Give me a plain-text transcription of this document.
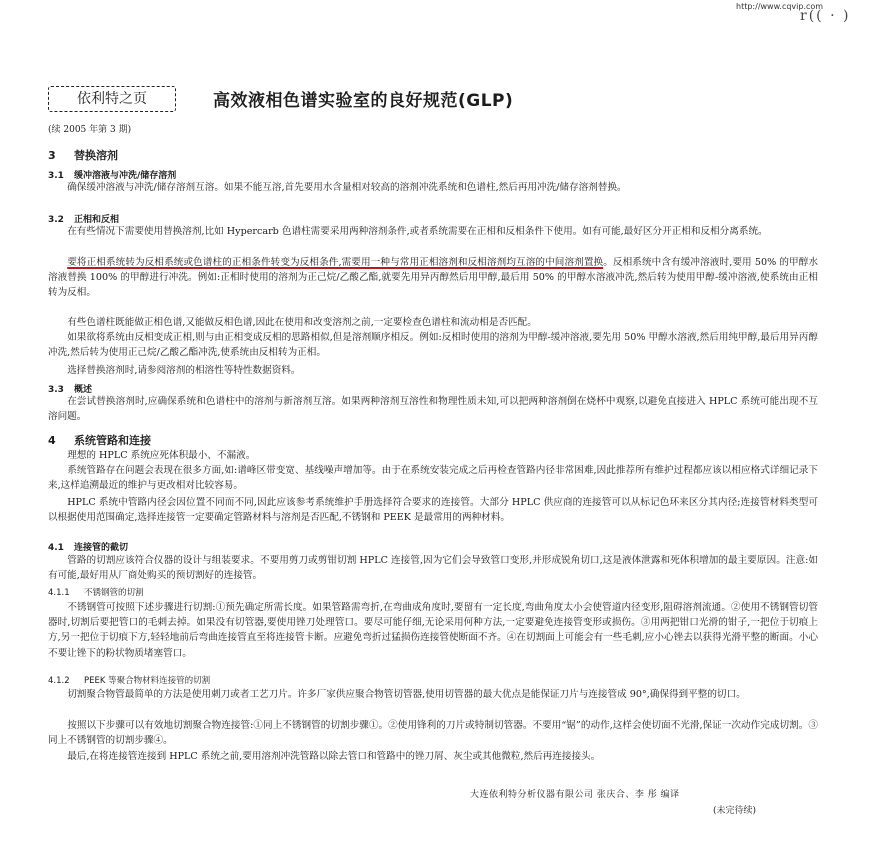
http://www.cqvip.com
r(( · )
依利特之页	高效液相色谱实验室的良好规范(GLP)
(续 2005 年第 3 期)
3 替换溶剂
3.1 缓冲溶液与冲洗/储存溶剂

确保缓冲溶液与冲洗/储存溶剂互溶。如果不能互溶,首先要用水含量相对较高的溶剂冲洗系统和色谱柱,然后再用冲洗/储存溶剂替换。

3.2 正相和反相

在有些情况下需要使用替换溶剂,比如 Hypercarb 色谱柱需要采用两种溶剂条件,或者系统需要在正相和反相条件下使用。如有可能,最好区分开正相和反相分离系统。

要将正相系统转为反相系统或色谱柱的正相条件转变为反相条件,需要用一种与常用正相溶剂和反相溶剂均互溶的中间溶剂置换。反相系统中含有缓冲溶液时,要用 50% 的甲醇水溶液替换 100% 的甲醇进行冲洗。例如:正相时使用的溶剂为正己烷/乙酸乙酯,就要先用异丙醇然后用甲醇,最后用 50% 的甲醇水溶液冲洗,然后转为使用甲醇-缓冲溶液,使系统由正相转为反相。

有些色谱柱既能做正相色谱,又能做反相色谱,因此在使用和改变溶剂之前,一定要检查色谱柱和流动相是否匹配。

如果欲将系统由反相变成正相,则与由正相变成反相的思路相似,但是溶剂顺序相反。例如:反相时使用的溶剂为甲醇-缓冲溶液,要先用 50% 甲醇水溶液,然后用纯甲醇,最后用异丙醇冲洗,然后转为使用正己烷/乙酸乙酯冲洗,使系统由反相转为正相。

选择替换溶剂时,请参阅溶剂的相溶性等特性数据资料。

3.3 概述

在尝试替换溶剂时,应确保系统和色谱柱中的溶剂与新溶剂互溶。如果两种溶剂互溶性和物理性质未知,可以把两种溶剂倒在烧杯中观察,以避免直接进入 HPLC 系统可能出现不互溶问题。

4 系统管路和连接

理想的 HPLC 系统应死体积最小、不漏液。

系统管路存在问题会表现在很多方面,如:谱峰区带变宽、基线噪声增加等。由于在系统安装完成之后再检查管路内径非常困难,因此推荐所有维护过程都应该以相应格式详细记录下来,这样追溯最近的维护与更改相对比较容易。

HPLC 系统中管路内径会因位置不同而不同,因此应该参考系统维护手册选择符合要求的连接管。大部分 HPLC 供应商的连接管可以从标记色环来区分其内径;连接管材料类型可以根据使用范围确定,选择连接管一定要确定管路材料与溶剂是否匹配,不锈钢和 PEEK 是最常用的两种材料。

4.1 连接管的截切

管路的切割应该符合仪器的设计与组装要求。不要用剪刀或剪钳切割 HPLC 连接管,因为它们会导致管口变形,并形成锐角切口,这是液体泄露和死体积增加的最主要原因。注意:如有可能,最好用从厂商处购买的预切割好的连接管。

4.1.1 不锈钢管的切割

不锈钢管可按照下述步骤进行切割:①预先确定所需长度。如果管路需弯折,在弯曲成角度时,要留有一定长度,弯曲角度太小会使管道内径变形,阻碍溶剂流通。②使用不锈钢管切管器时,切割后要把管口的毛刺去掉。如果没有切管器,要使用锉刀处理管口。要尽可能仔细,无论采用何种方法,一定要避免连接管变形或损伤。③用两把钳口光滑的钳子,一把位于切痕上方,另一把位于切痕下方,轻轻地前后弯曲连接管直至将连接管卡断。应避免弯折过猛损伤连接管使断面不齐。④在切割面上可能会有一些毛刺,应小心锉去以获得光滑平整的断面。小心不要让锉下的粉状物质堵塞管口。

4.1.2 PEEK 等聚合物材料连接管的切割

切割聚合物管最简单的方法是使用刺刀或者工艺刀片。许多厂家供应聚合物管切管器,使用切管器的最大优点是能保证刀片与连接管成 90°,确保得到平整的切口。

按照以下步骤可以有效地切割聚合物连接管:①同上不锈钢管的切割步骤①。②使用锋利的刀片或特制切管器。不要用“锯”的动作,这样会使切面不光滑,保证一次动作完成切割。③同上不锈钢管的切割步骤④。

最后,在将连接管连接到 HPLC 系统之前,要用溶剂冲洗管路以除去管口和管路中的锉刀屑、灰尘或其他微粒,然后再连接接头。

大连依利特分析仪器有限公司 张庆合、李 彤 编译
(未完待续)
